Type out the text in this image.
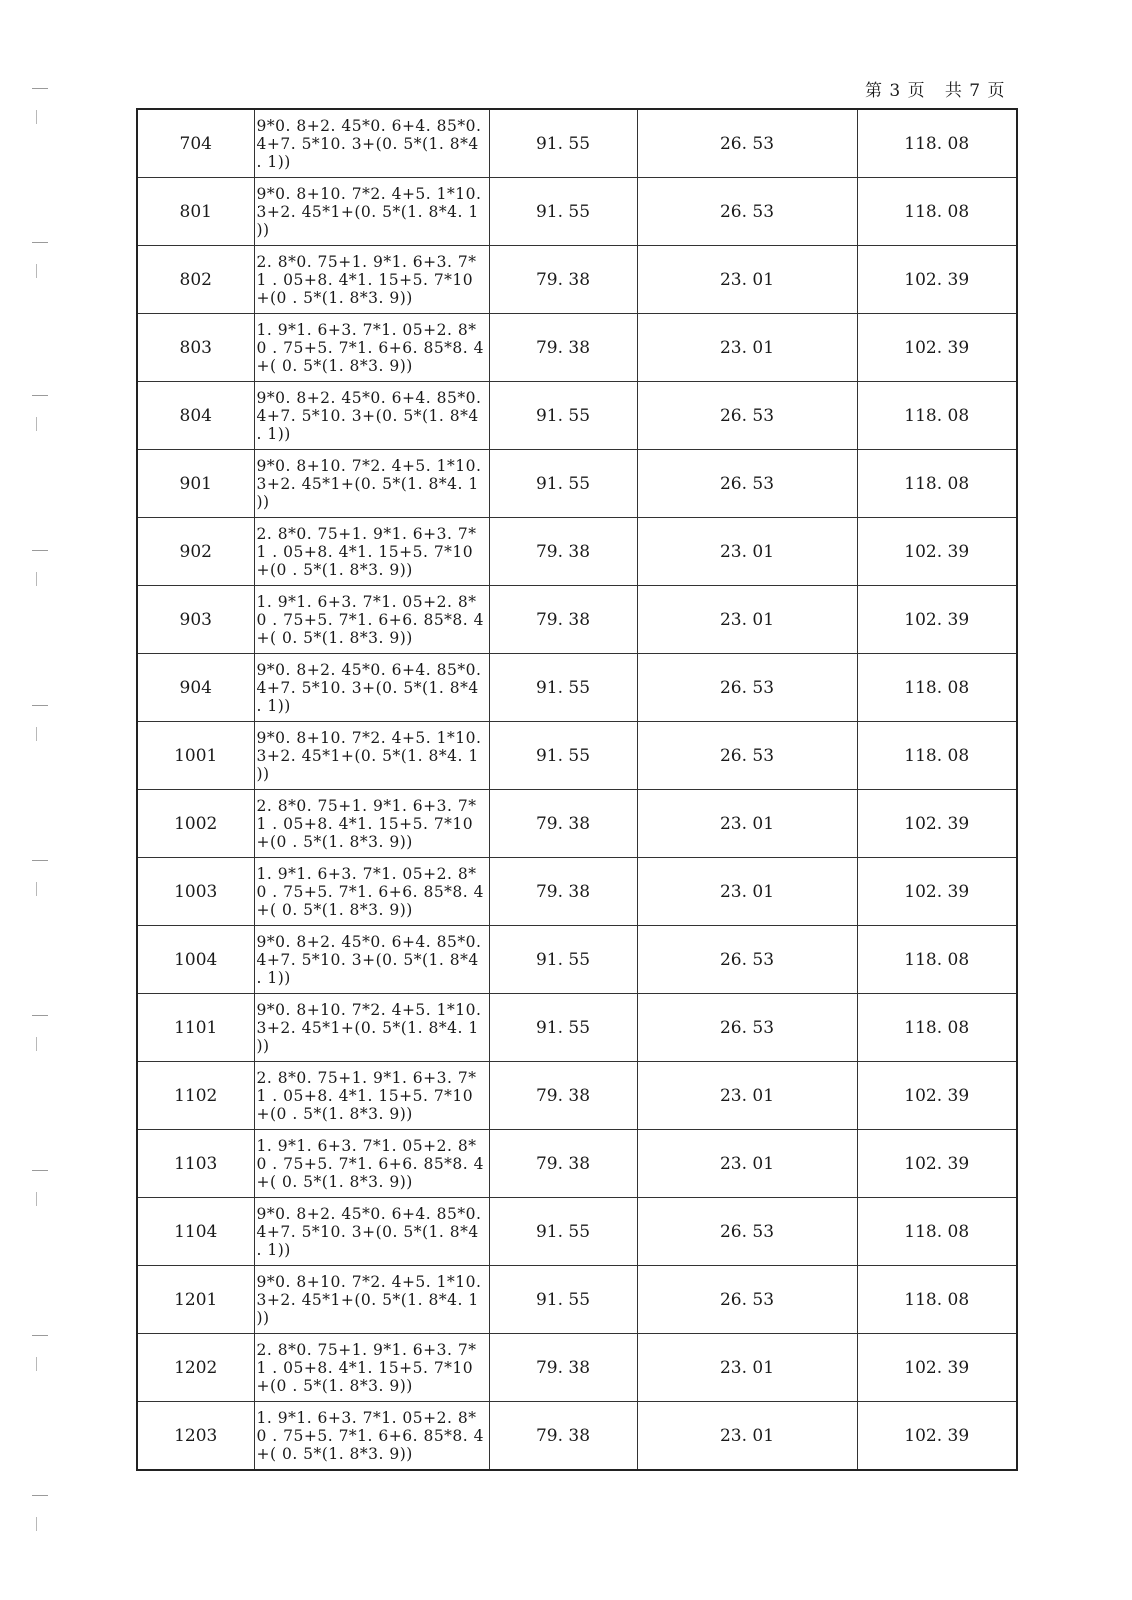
第 3 页 共 7 页
704	9*0. 8+2. 45*0. 6+4. 85*0. 4+7. 5*10. 3+(0. 5*(1. 8*4 . 1))	91. 55	26. 53	118. 08
801	9*0. 8+10. 7*2. 4+5. 1*10. 3+2. 45*1+(0. 5*(1. 8*4. 1 ))	91. 55	26. 53	118. 08
802	2. 8*0. 75+1. 9*1. 6+3. 7*1 . 05+8. 4*1. 15+5. 7*10+(0 . 5*(1. 8*3. 9))	79. 38	23. 01	102. 39
803	1. 9*1. 6+3. 7*1. 05+2. 8*0 . 75+5. 7*1. 6+6. 85*8. 4+( 0. 5*(1. 8*3. 9))	79. 38	23. 01	102. 39
804	9*0. 8+2. 45*0. 6+4. 85*0. 4+7. 5*10. 3+(0. 5*(1. 8*4 . 1))	91. 55	26. 53	118. 08
901	9*0. 8+10. 7*2. 4+5. 1*10. 3+2. 45*1+(0. 5*(1. 8*4. 1 ))	91. 55	26. 53	118. 08
902	2. 8*0. 75+1. 9*1. 6+3. 7*1 . 05+8. 4*1. 15+5. 7*10+(0 . 5*(1. 8*3. 9))	79. 38	23. 01	102. 39
903	1. 9*1. 6+3. 7*1. 05+2. 8*0 . 75+5. 7*1. 6+6. 85*8. 4+( 0. 5*(1. 8*3. 9))	79. 38	23. 01	102. 39
904	9*0. 8+2. 45*0. 6+4. 85*0. 4+7. 5*10. 3+(0. 5*(1. 8*4 . 1))	91. 55	26. 53	118. 08
1001	9*0. 8+10. 7*2. 4+5. 1*10. 3+2. 45*1+(0. 5*(1. 8*4. 1 ))	91. 55	26. 53	118. 08
1002	2. 8*0. 75+1. 9*1. 6+3. 7*1 . 05+8. 4*1. 15+5. 7*10+(0 . 5*(1. 8*3. 9))	79. 38	23. 01	102. 39
1003	1. 9*1. 6+3. 7*1. 05+2. 8*0 . 75+5. 7*1. 6+6. 85*8. 4+( 0. 5*(1. 8*3. 9))	79. 38	23. 01	102. 39
1004	9*0. 8+2. 45*0. 6+4. 85*0. 4+7. 5*10. 3+(0. 5*(1. 8*4 . 1))	91. 55	26. 53	118. 08
1101	9*0. 8+10. 7*2. 4+5. 1*10. 3+2. 45*1+(0. 5*(1. 8*4. 1 ))	91. 55	26. 53	118. 08
1102	2. 8*0. 75+1. 9*1. 6+3. 7*1 . 05+8. 4*1. 15+5. 7*10+(0 . 5*(1. 8*3. 9))	79. 38	23. 01	102. 39
1103	1. 9*1. 6+3. 7*1. 05+2. 8*0 . 75+5. 7*1. 6+6. 85*8. 4+( 0. 5*(1. 8*3. 9))	79. 38	23. 01	102. 39
1104	9*0. 8+2. 45*0. 6+4. 85*0. 4+7. 5*10. 3+(0. 5*(1. 8*4 . 1))	91. 55	26. 53	118. 08
1201	9*0. 8+10. 7*2. 4+5. 1*10. 3+2. 45*1+(0. 5*(1. 8*4. 1 ))	91. 55	26. 53	118. 08
1202	2. 8*0. 75+1. 9*1. 6+3. 7*1 . 05+8. 4*1. 15+5. 7*10+(0 . 5*(1. 8*3. 9))	79. 38	23. 01	102. 39
1203	1. 9*1. 6+3. 7*1. 05+2. 8*0 . 75+5. 7*1. 6+6. 85*8. 4+( 0. 5*(1. 8*3. 9))	79. 38	23. 01	102. 39
